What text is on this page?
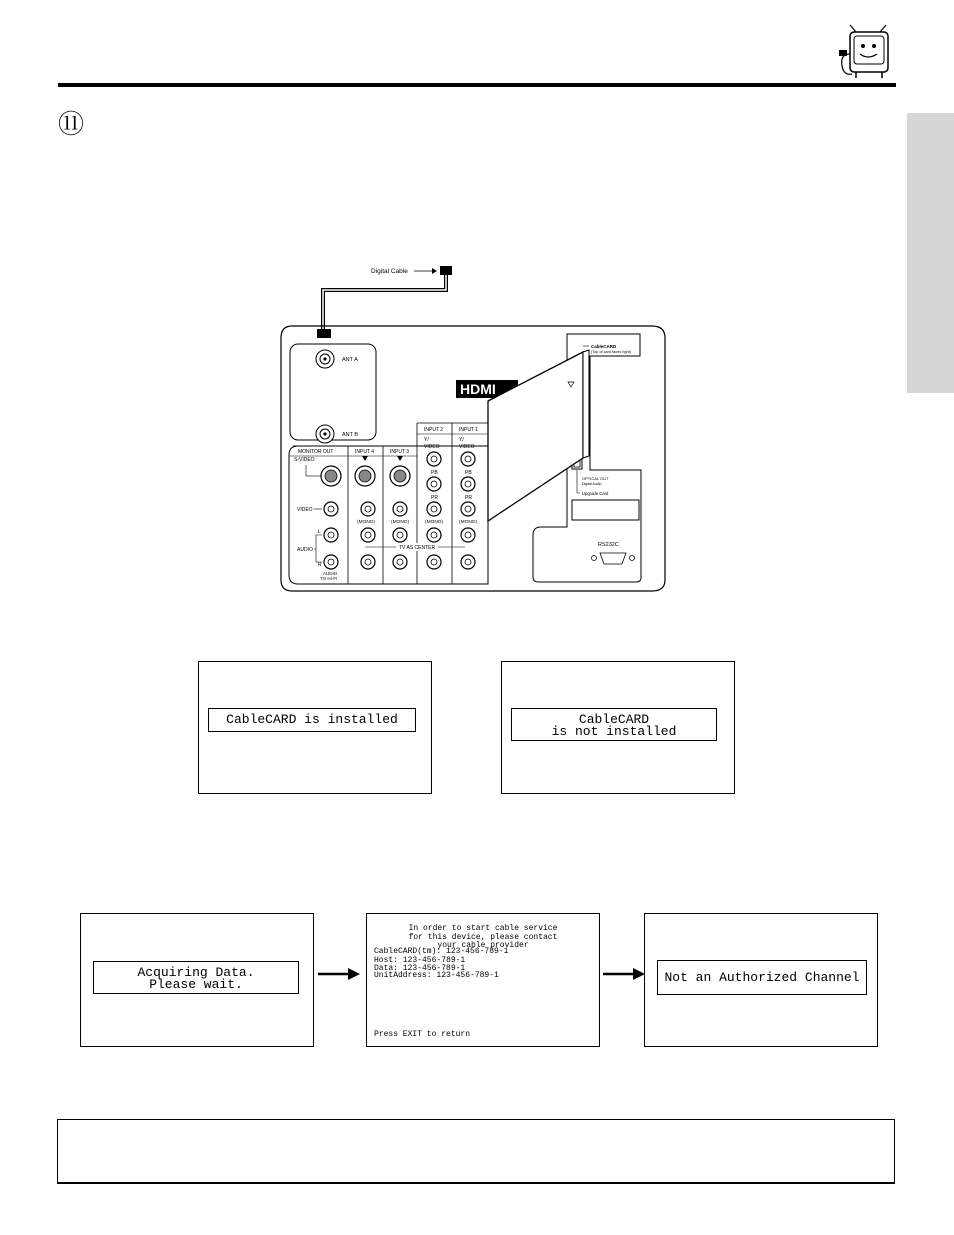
⑪
Digital Cable
ANT A
ANT B
MONITOR OUT
S-VIDEO
INPUT 4	INPUT 3
INPUT 2	INPUT 1
Y/
VIDEO
Y/
VIDEO
PB	PB
PR	PR
VIDEO
(MONO)	(MONO)	(MONO)	(MONO)
AUDIO
L
R
TV AS CENTER
AUDIO
TO HI-FI
OPTICAL OUT
Digital Audio
Upgrade Card
RS232C
HDMI
CableCARD
(Top of card faces right)
CableCARD is installed	CableCARD
is not installed
Acquiring Data.
Please wait.
In order to start cable service
for this device, please contact
your cable provider
CableCARD(tm): 123-456-789-1
Host: 123-456-789-1
Data: 123-456-789-1
UnitAddress: 123-456-789-1
Press EXIT to return
Not an Authorized Channel
